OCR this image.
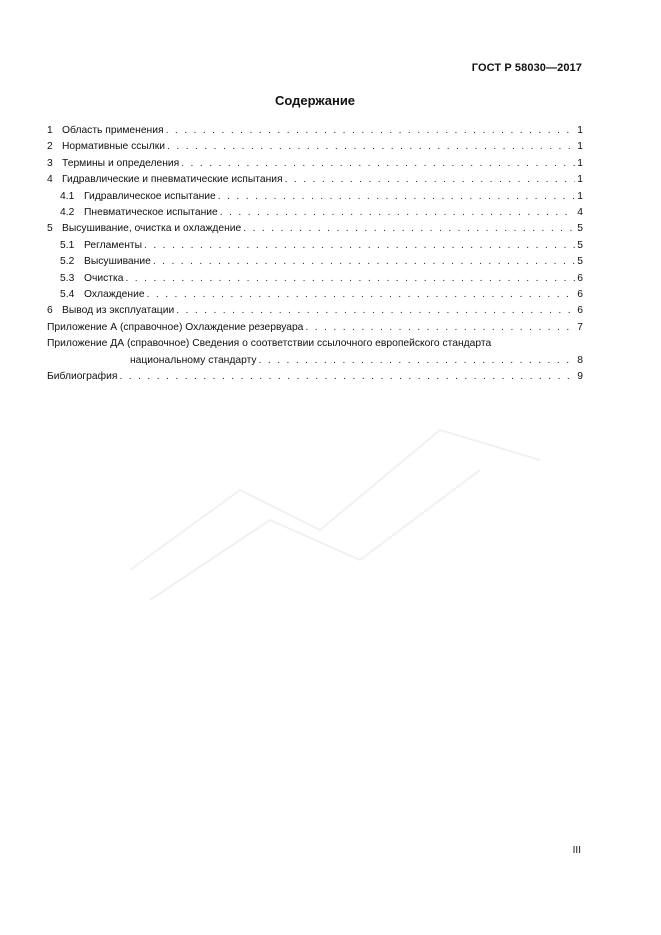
ГОСТ Р 58030—2017
Содержание
1 Область применения . . .	1
2 Нормативные ссылки . . .	1
3 Термины и определения . . .	1
4 Гидравлические и пневматические испытания . . .	1
4.1 Гидравлическое испытание . . .	1
4.2 Пневматическое испытание . . .	4
5 Высушивание, очистка и охлаждение . . .	5
5.1 Регламенты . . .	5
5.2 Высушивание . . .	5
5.3 Очистка . . .	6
5.4 Охлаждение . . .	6
6 Вывод из эксплуатации . . .	6
Приложение А (справочное) Охлаждение резервуара . . .	7
Приложение ДА (справочное) Сведения о соответствии ссылочного европейского стандарта
национальному стандарту . . .	8
Библиография . . .	9
III
